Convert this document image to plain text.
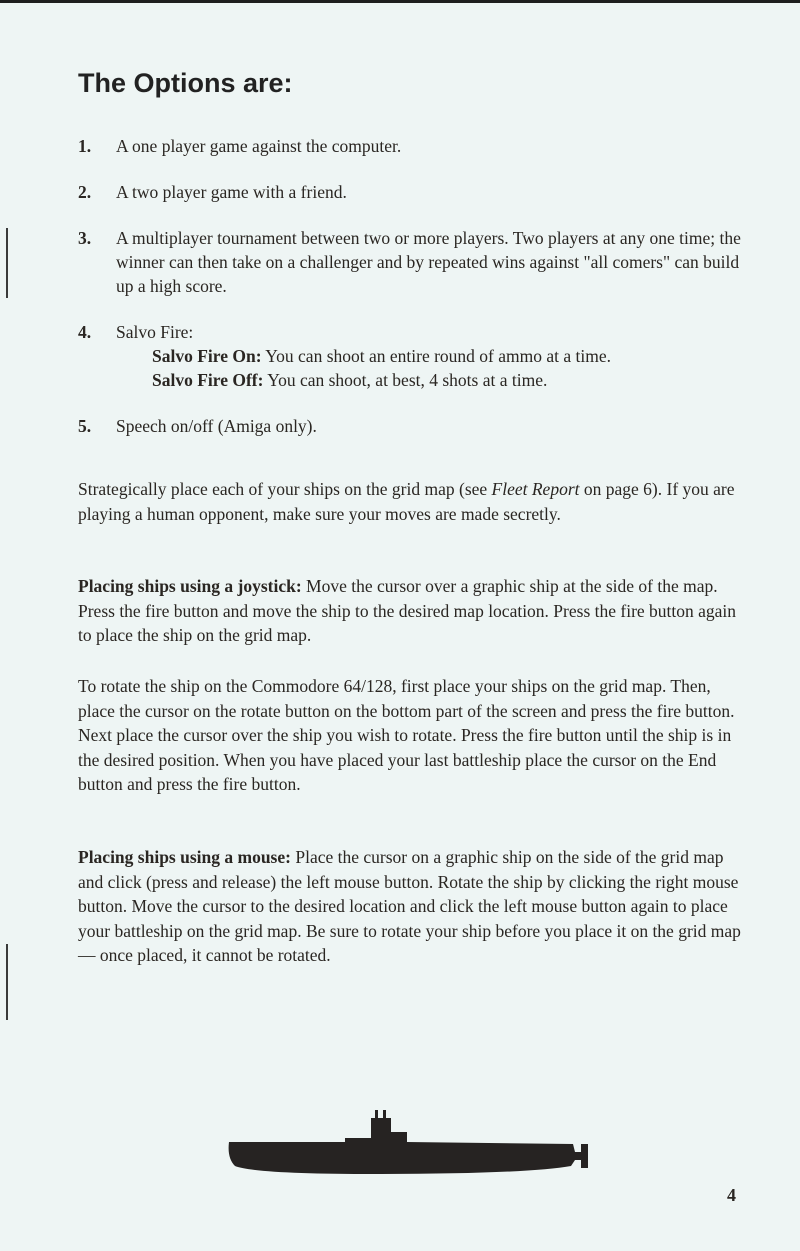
The Options are:
1. A one player game against the computer.
2. A two player game with a friend.
3. A multiplayer tournament between two or more players. Two players at any one time; the winner can then take on a challenger and by repeated wins against "all comers" can build up a high score.
4. Salvo Fire:
Salvo Fire On: You can shoot an entire round of ammo at a time.
Salvo Fire Off: You can shoot, at best, 4 shots at a time.
5. Speech on/off (Amiga only).

Strategically place each of your ships on the grid map (see Fleet Report on page 6). If you are playing a human opponent, make sure your moves are made secretly.

Placing ships using a joystick: Move the cursor over a graphic ship at the side of the map. Press the fire button and move the ship to the desired map location. Press the fire button again to place the ship on the grid map.

To rotate the ship on the Commodore 64/128, first place your ships on the grid map. Then, place the cursor on the rotate button on the bottom part of the screen and press the fire button. Next place the cursor over the ship you wish to rotate. Press the fire button until the ship is in the desired position. When you have placed your last battleship place the cursor on the End button and press the fire button.

Placing ships using a mouse: Place the cursor on a graphic ship on the side of the grid map and click (press and release) the left mouse button. Rotate the ship by clicking the right mouse button. Move the cursor to the desired location and click the left mouse button again to place your battleship on the grid map. Be sure to rotate your ship before you place it on the grid map — once placed, it cannot be rotated.

4
